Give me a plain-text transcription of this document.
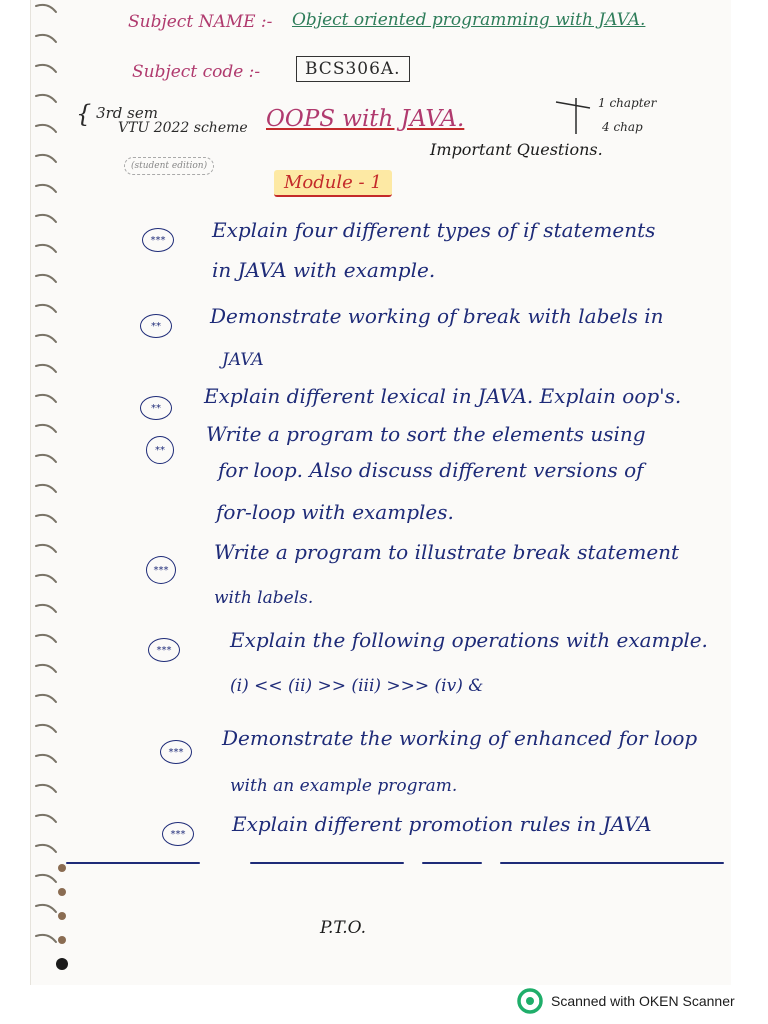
Subject NAME :- Object oriented programming with JAVA.
Subject code :-	BCS306A.
{ 3rd sem
VTU 2022 scheme OOPS with JAVA.
1 chapter
4 chap
Important Questions.
(student edition)
Module - 1
***	Explain four different types of if statements
in JAVA with example.
**	Demonstrate working of break with labels in
JAVA
**	Explain different lexical in JAVA. Explain oop's.
**
Write a program to sort the elements using
for loop. Also discuss different versions of
for-loop with examples.
***
Write a program to illustrate break statement
with labels.
***	Explain the following operations with example.
(i) << (ii) >> (iii) >>> (iv) &
***
Demonstrate the working of enhanced for loop
with an example program.
***	Explain different promotion rules in JAVA
P.T.O.
Scanned with OKEN Scanner
